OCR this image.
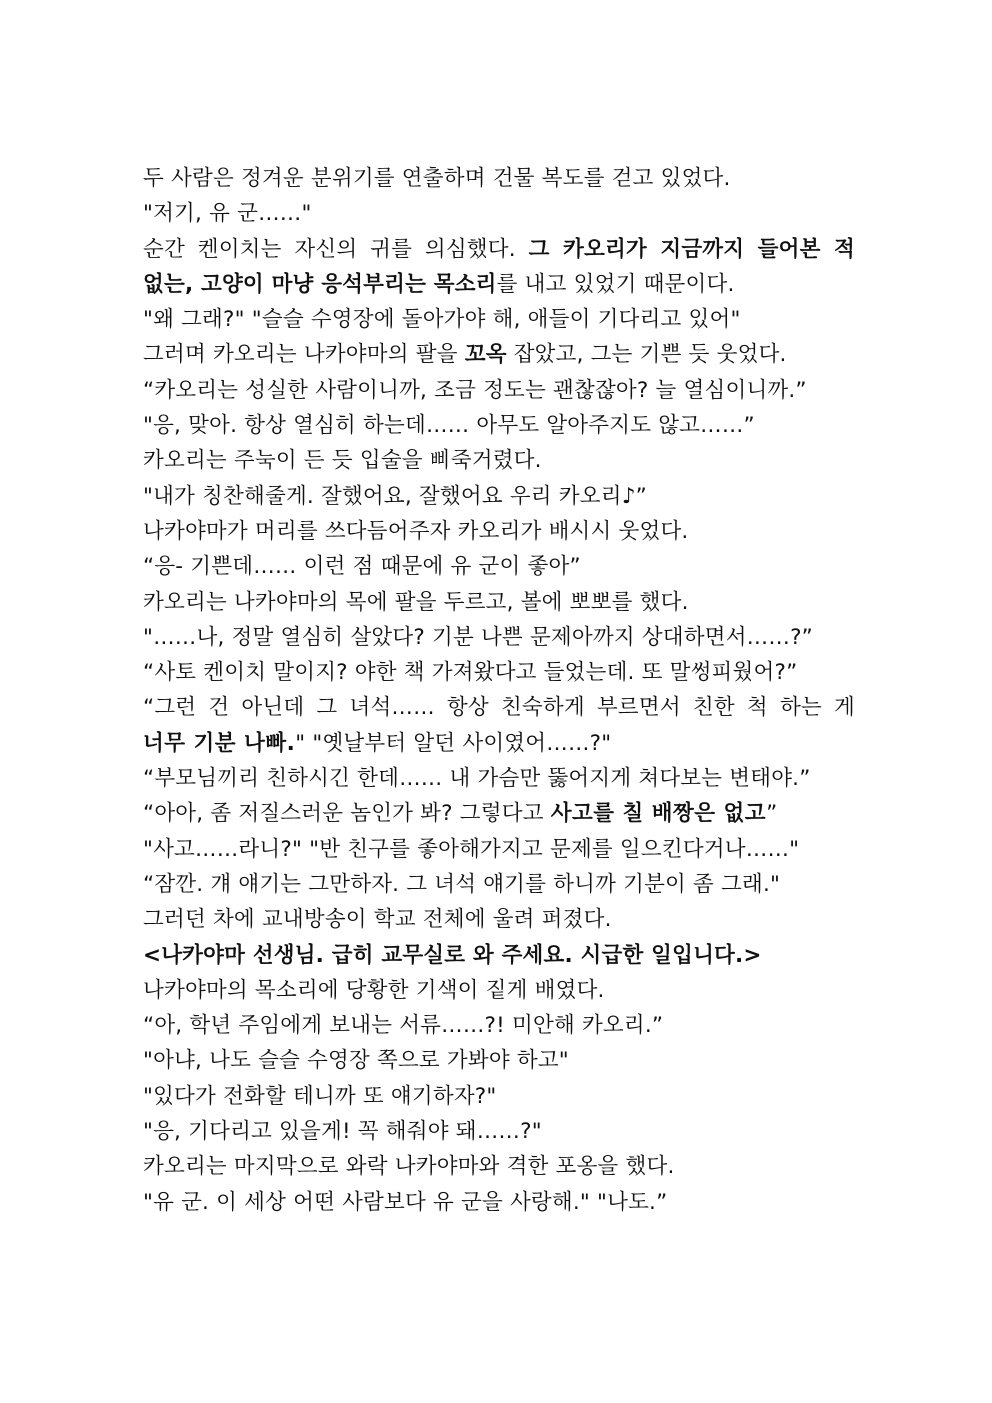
두 사람은 정겨운 분위기를 연출하며 건물 복도를 걷고 있었다.
"저기, 유 군……"
순간 켄이치는 자신의 귀를 의심했다. 그 카오리가 지금까지 들어본 적
없는, 고양이 마냥 응석부리는 목소리를 내고 있었기 때문이다.
"왜 그래?" "슬슬 수영장에 돌아가야 해, 애들이 기다리고 있어"
그러며 카오리는 나카야마의 팔을 꼬옥 잡았고, 그는 기쁜 듯 웃었다.
“카오리는 성실한 사람이니까, 조금 정도는 괜찮잖아? 늘 열심이니까.”
"응, 맞아. 항상 열심히 하는데…… 아무도 알아주지도 않고……”
카오리는 주눅이 든 듯 입술을 삐죽거렸다.
"내가 칭찬해줄게. 잘했어요, 잘했어요 우리 카오리♪”
나카야마가 머리를 쓰다듬어주자 카오리가 배시시 웃었다.
“응- 기쁜데…… 이런 점 때문에 유 군이 좋아”
카오리는 나카야마의 목에 팔을 두르고, 볼에 뽀뽀를 했다.
"……나, 정말 열심히 살았다? 기분 나쁜 문제아까지 상대하면서……?”
“사토 켄이치 말이지? 야한 책 가져왔다고 들었는데. 또 말썽피웠어?”
“그런 건 아닌데 그 녀석…… 항상 친숙하게 부르면서 친한 척 하는 게
너무 기분 나빠." "옛날부터 알던 사이였어……?"
“부모님끼리 친하시긴 한데…… 내 가슴만 뚫어지게 쳐다보는 변태야.”
“아아, 좀 저질스러운 놈인가 봐? 그렇다고 사고를 칠 배짱은 없고”
"사고……라니?" "반 친구를 좋아해가지고 문제를 일으킨다거나……"
“잠깐. 걔 얘기는 그만하자. 그 녀석 얘기를 하니까 기분이 좀 그래."
그러던 차에 교내방송이 학교 전체에 울려 퍼졌다.
<나카야마 선생님. 급히 교무실로 와 주세요. 시급한 일입니다.>
나카야마의 목소리에 당황한 기색이 짙게 배였다.
“아, 학년 주임에게 보내는 서류……?! 미안해 카오리.”
"아냐, 나도 슬슬 수영장 쪽으로 가봐야 하고"
"있다가 전화할 테니까 또 얘기하자?"
"응, 기다리고 있을게! 꼭 해줘야 돼……?"
카오리는 마지막으로 와락 나카야마와 격한 포옹을 했다.
"유 군. 이 세상 어떤 사람보다 유 군을 사랑해." "나도.”
